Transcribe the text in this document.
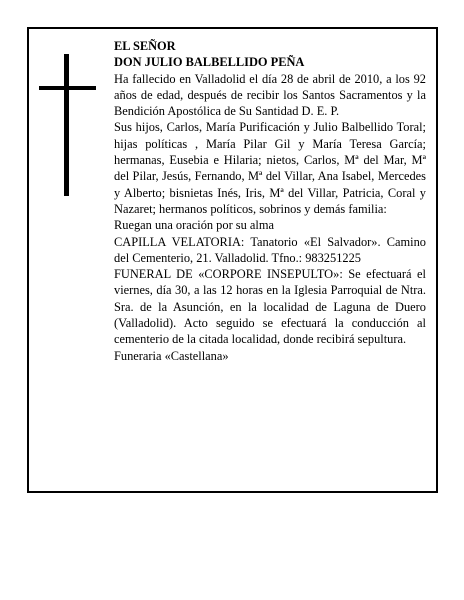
EL SEÑOR

DON JULIO BALBELLIDO PEÑA

Ha fallecido en Valladolid el día 28 de abril de 2010, a los 92 años de edad, después de recibir los Santos Sacramentos y la Bendición Apostólica de Su Santidad D. E. P.

Sus hijos, Carlos, María Purificación y Julio Balbellido Toral; hijas políticas , María Pilar Gil y María Teresa García; hermanas, Eusebia e Hilaria; nietos, Carlos, Mª del Mar, Mª del Pilar, Jesús, Fernando, Mª del Villar, Ana Isabel, Mercedes y Alberto; bisnietas Inés, Iris, Mª del Villar, Patricia, Coral y Nazaret; hermanos políticos, sobrinos y demás familia:

Ruegan una oración por su alma

CAPILLA VELATORIA: Tanatorio «El Salvador». Camino del Cementerio, 21. Valladolid. Tfno.: 983251225

FUNERAL DE «CORPORE INSEPULTO»: Se efectuará el viernes, día 30, a las 12 horas en la Iglesia Parroquial de Ntra. Sra. de la Asunción, en la localidad de Laguna de Duero (Valladolid). Acto seguido se efectuará la conducción al cementerio de la citada localidad, donde recibirá sepultura.

Funeraria «Castellana»
